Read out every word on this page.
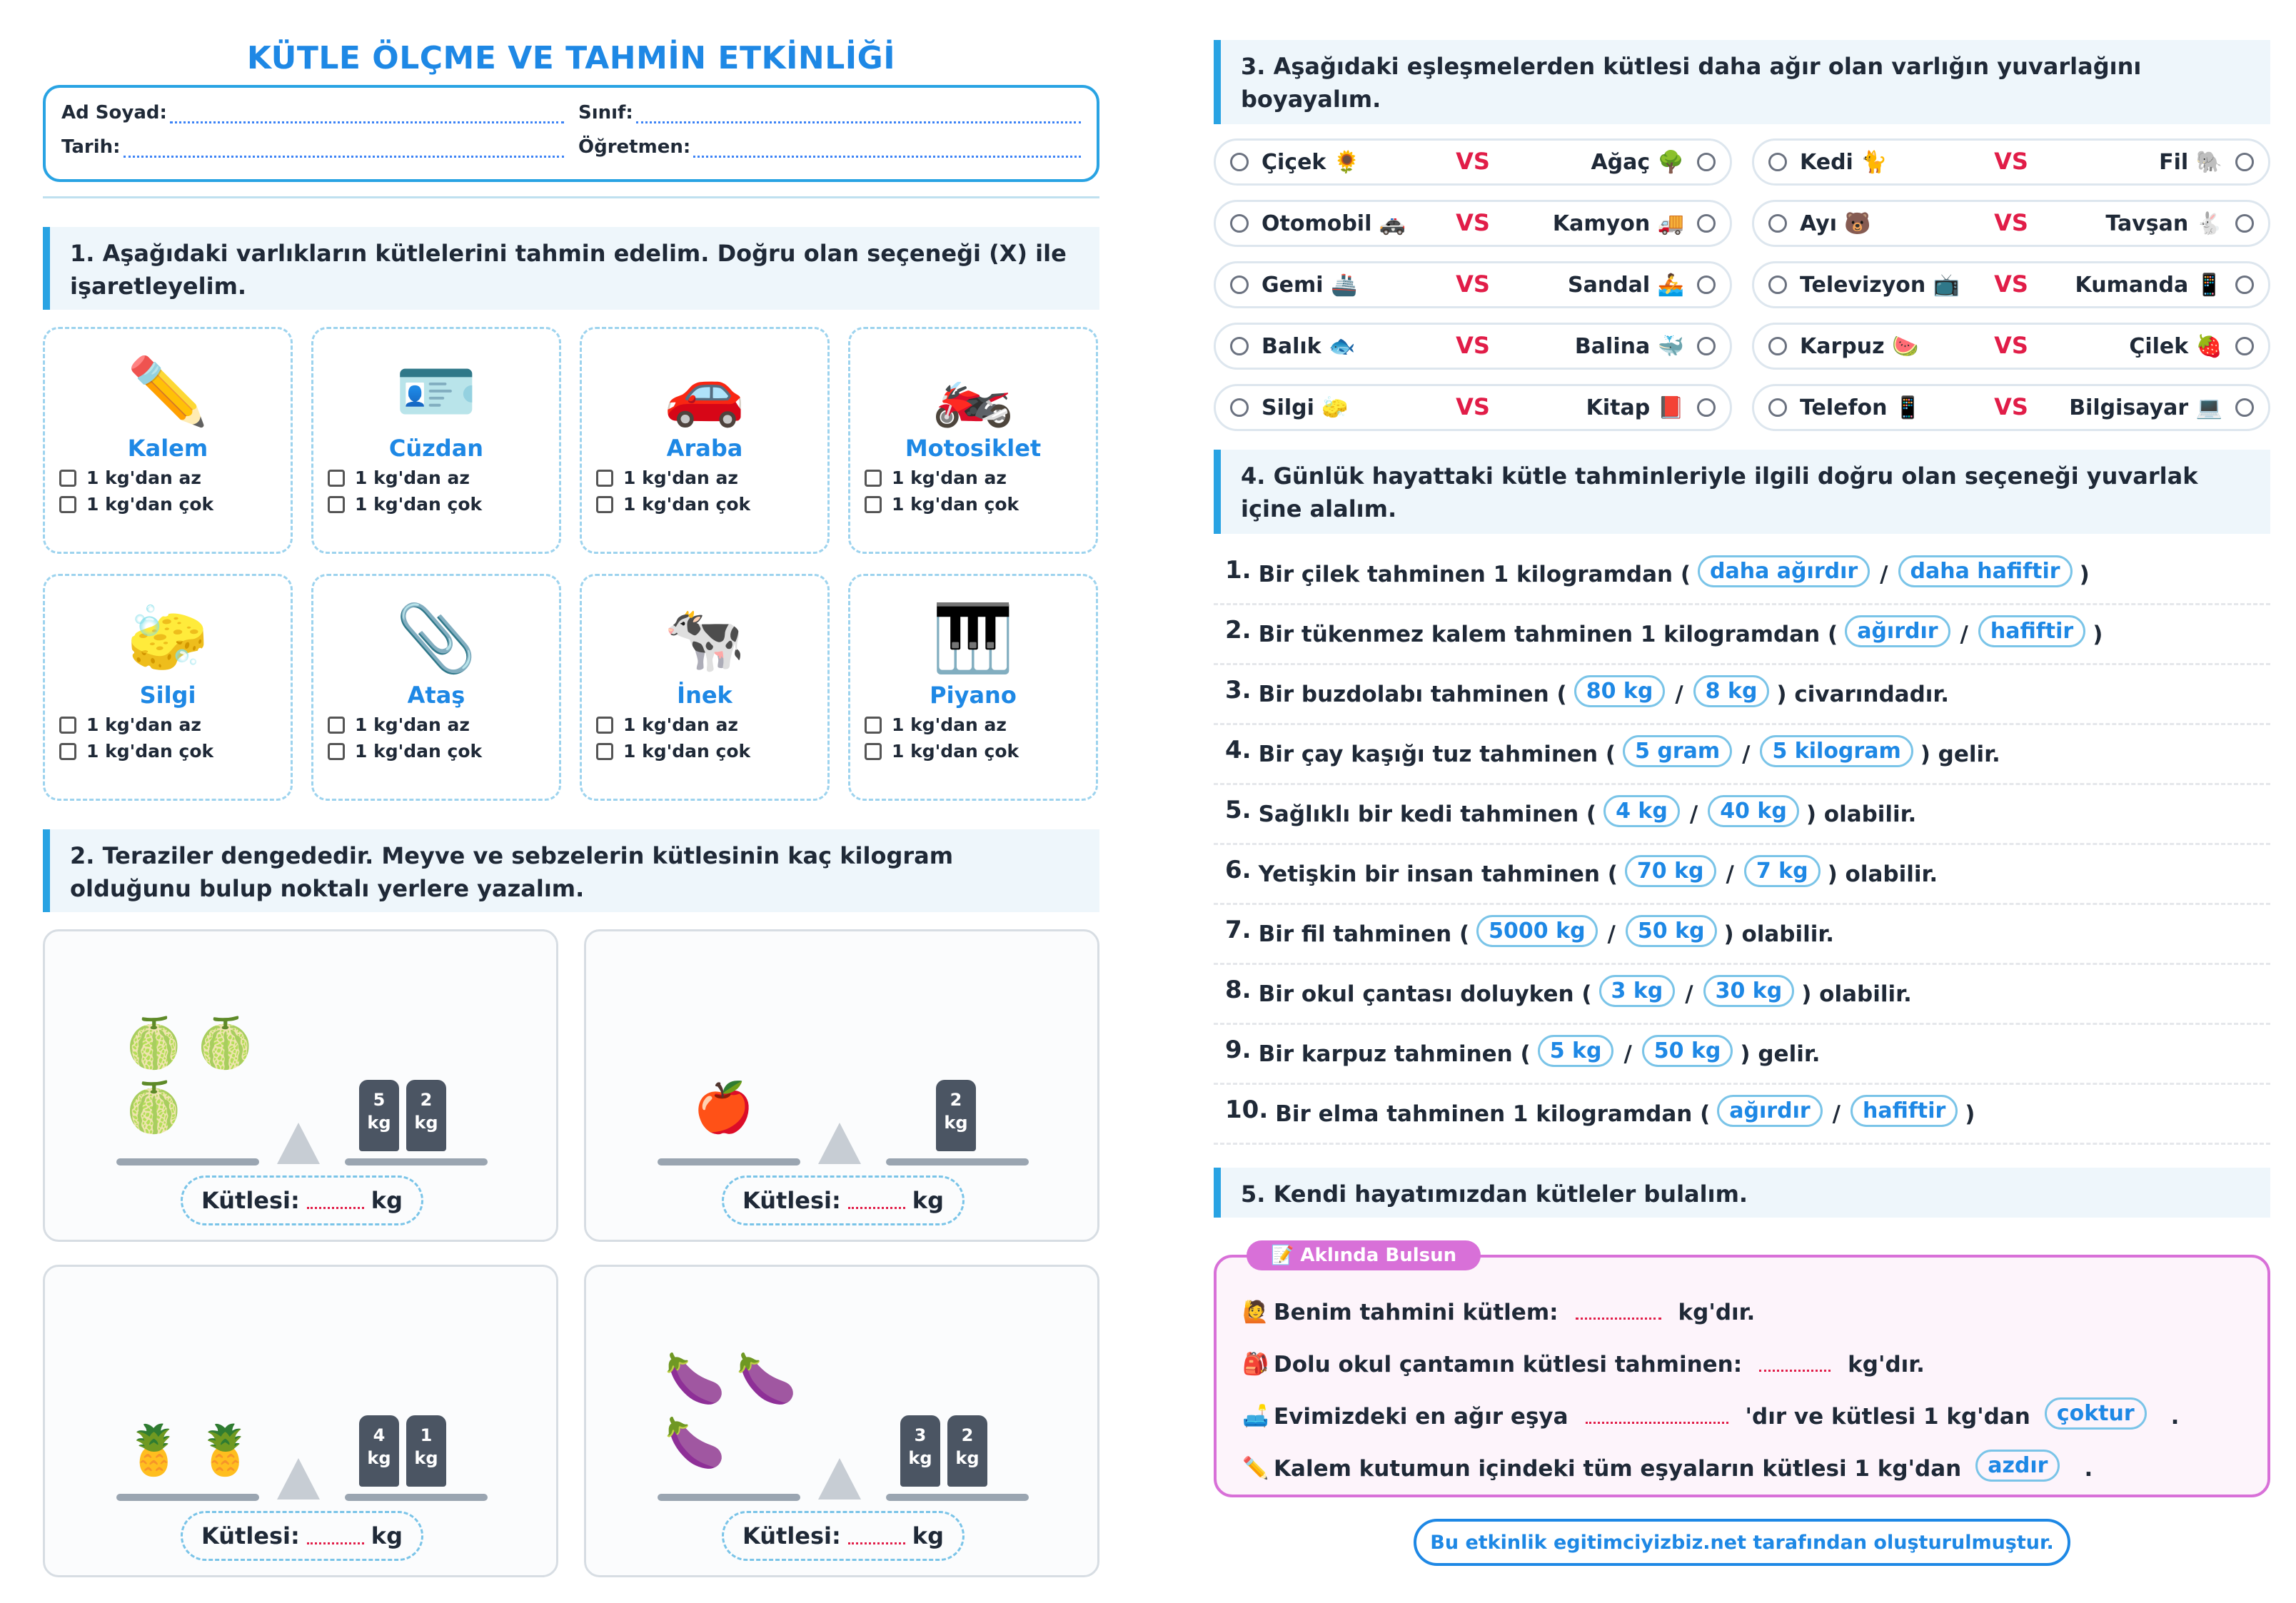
KÜTLE ÖLÇME VE TAHMİN ETKİNLİĞİ
Ad Soyad:	Sınıf:
Tarih:	Öğretmen:
1. Aşağıdaki varlıkların kütlelerini tahmin edelim. Doğru olan seçeneği (X) ile işaretleyelim.
✏️
Kalem
1 kg'dan az
1 kg'dan çok
🪪
Cüzdan
1 kg'dan az
1 kg'dan çok
🚗
Araba
1 kg'dan az
1 kg'dan çok
🏍️
Motosiklet
1 kg'dan az
1 kg'dan çok
🧽
Silgi
1 kg'dan az
1 kg'dan çok
📎
Ataş
1 kg'dan az
1 kg'dan çok
🐄
İnek
1 kg'dan az
1 kg'dan çok
🎹
Piyano
1 kg'dan az
1 kg'dan çok
2. Teraziler dengededir. Meyve ve sebzelerin kütlesinin kaç kilogram olduğunu bulup noktalı yerlere yazalım.
🍈 🍈
🍈	5
kg
2
kg
Kütlesi:	kg
🍎	2
kg
Kütlesi:	kg
🍍 🍍	4
kg
1
kg
Kütlesi:	kg
🍆 🍆
🍆	3
kg
2
kg
Kütlesi:	kg
3. Aşağıdaki eşleşmelerden kütlesi daha ağır olan varlığın yuvarlağını boyayalım.
Çiçek 🌻	VS	Ağaç 🌳	Kedi 🐈	VS	Fil 🐘
Otomobil 🚓 VS	Kamyon 🚚	Ayı 🐻	VS	Tavşan 🐇
Gemi 🚢	VS	Sandal 🚣	Televizyon 📺 VS Kumanda 📱
Balık 🐟	VS	Balina 🐳	Karpuz 🍉	VS	Çilek 🍓
Silgi 🧽	VS	Kitap 📕	Telefon 📱	VS Bilgisayar 💻
4. Günlük hayattaki kütle tahminleriyle ilgili doğru olan seçeneği yuvarlak içine alalım.
1. Bir çilek tahminen 1 kilogramdan ( daha ağırdır	/	daha hafiftir )
2. Bir tükenmez kalem tahminen 1 kilogramdan ( ağırdır	/	hafiftir )
3. Bir buzdolabı tahminen ( 80 kg	/	8 kg ) civarındadır.
4. Bir çay kaşığı tuz tahminen ( 5 gram	/	5 kilogram ) gelir.
5. Sağlıklı bir kedi tahminen ( 4 kg	/	40 kg ) olabilir.
6. Yetişkin bir insan tahminen ( 70 kg	/	7 kg ) olabilir.
7. Bir fil tahminen ( 5000 kg	/	50 kg ) olabilir.
8. Bir okul çantası doluyken ( 3 kg	/	30 kg ) olabilir.
9. Bir karpuz tahminen ( 5 kg	/	50 kg ) gelir.
10. Bir elma tahminen 1 kilogramdan ( ağırdır	/	hafiftir )
5. Kendi hayatımızdan kütleler bulalım.
📝 Aklında Bulsun
🙋 Benim tahmini kütlem:	kg'dır.
🎒 Dolu okul çantamın kütlesi tahminen:	kg'dır.
🛋️ Evimizdeki en ağır eşya	'dır ve kütlesi 1 kg'dan	çoktur	.
✏️ Kalem kutumun içindeki tüm eşyaların kütlesi 1 kg'dan	azdır	.
Bu etkinlik egitimciyizbiz.net tarafından oluşturulmuştur.
